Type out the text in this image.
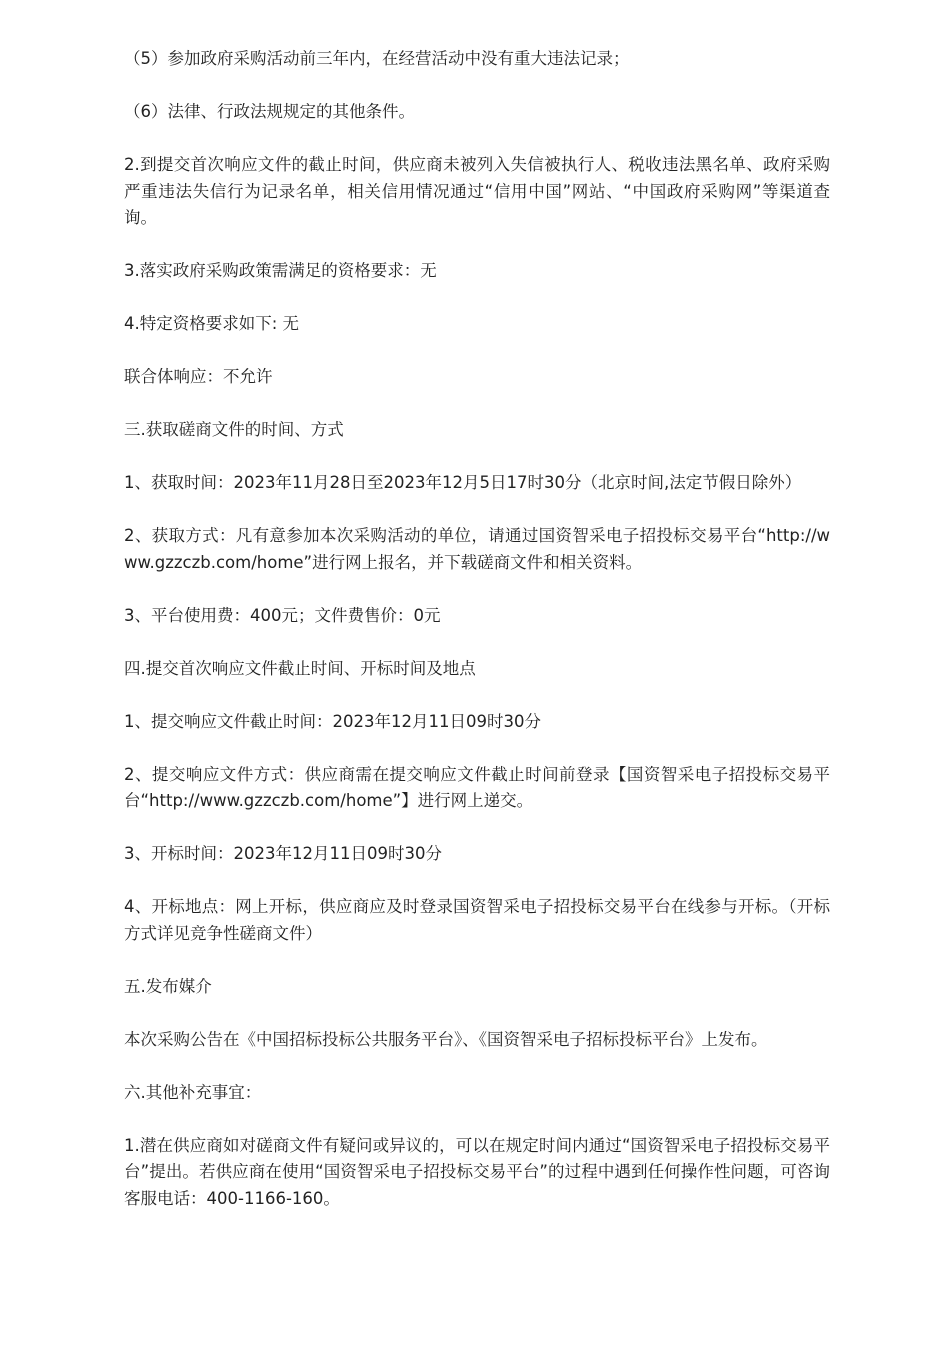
（5）参加政府采购活动前三年内，在经营活动中没有重大违法记录；

（6）法律、行政法规规定的其他条件。

2.到提交首次响应文件的截止时间，供应商未被列入失信被执行人、税收违法黑名单、政府采购严重违法失信行为记录名单，相关信用情况通过“信用中国”网站、“中国政府采购网”等渠道查询。

3.落实政府采购政策需满足的资格要求：无

4.特定资格要求如下: 无

联合体响应：不允许

三.获取磋商文件的时间、方式

1、获取时间：2023年11月28日至2023年12月5日17时30分（北京时间,法定节假日除外）

2、获取方式：凡有意参加本次采购活动的单位，请通过国资智采电子招投标交易平台“http://www.gzzczb.com/home”进行网上报名，并下载磋商文件和相关资料。

3、平台使用费：400元；文件费售价：0元

四.提交首次响应文件截止时间、开标时间及地点

1、提交响应文件截止时间：2023年12月11日09时30分

2、提交响应文件方式：供应商需在提交响应文件截止时间前登录【国资智采电子招投标交易平台“http://www.gzzczb.com/home”】进行网上递交。

3、开标时间：2023年12月11日09时30分

4、开标地点：网上开标，供应商应及时登录国资智采电子招投标交易平台在线参与开标。（开标方式详见竞争性磋商文件）

五.发布媒介

本次采购公告在《中国招标投标公共服务平台》、《国资智采电子招标投标平台》上发布。

六.其他补充事宜：

1.潜在供应商如对磋商文件有疑问或异议的，可以在规定时间内通过“国资智采电子招投标交易平台”提出。若供应商在使用“国资智采电子招投标交易平台”的过程中遇到任何操作性问题，可咨询客服电话：400-1166-160。
